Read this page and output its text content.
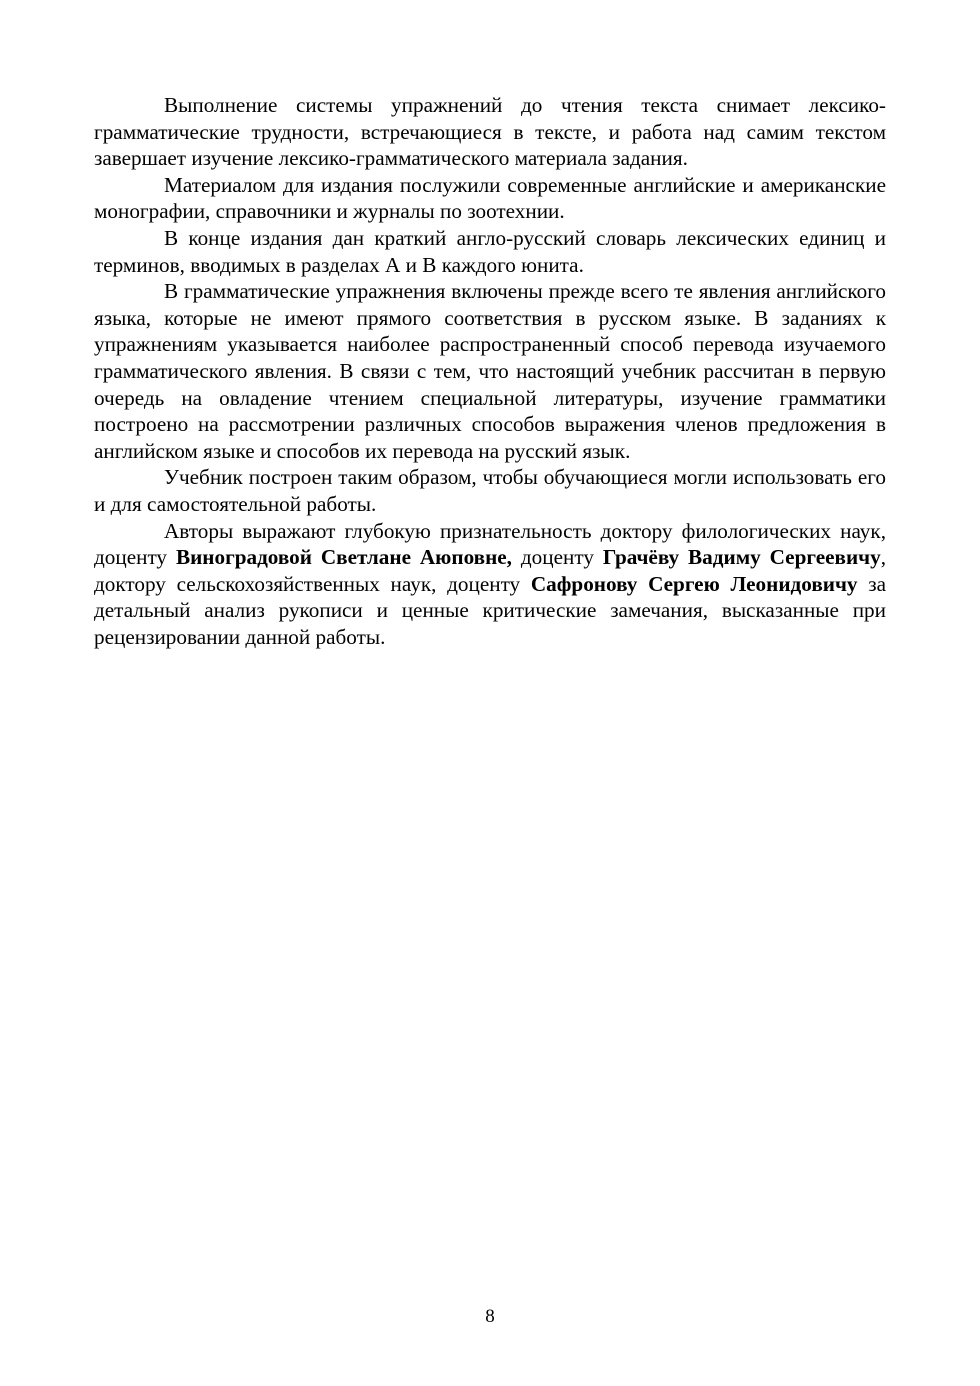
Выполнение системы упражнений до чтения текста снимает лексико-грамматические трудности, встречающиеся в тексте, и работа над самим текстом завершает изучение лексико-грамматического материала задания.

Материалом для издания послужили современные английские и американские монографии, справочники и журналы по зоотехнии.

В конце издания дан краткий англо-русский словарь лексических единиц и терминов, вводимых в разделах А и В каждого юнита.

В грамматические упражнения включены прежде всего те явления английского языка, которые не имеют прямого соответствия в русском языке. В заданиях к упражнениям указывается наиболее распространенный способ перевода изучаемого грамматического явления. В связи с тем, что настоящий учебник рассчитан в первую очередь на овладение чтением специальной литературы, изучение грамматики построено на рассмотрении различных способов выражения членов предложения в английском языке и способов их перевода на русский язык.

Учебник построен таким образом, чтобы обучающиеся могли использовать его и для самостоятельной работы.

Авторы выражают глубокую признательность доктору филологических наук, доценту Виноградовой Светлане Аюповне, доценту Грачёву Вадиму Сергеевичу, доктору сельскохозяйственных наук, доценту Сафронову Сергею Леонидовичу за детальный анализ рукописи и ценные критические замечания, высказанные при рецензировании данной работы.

8
